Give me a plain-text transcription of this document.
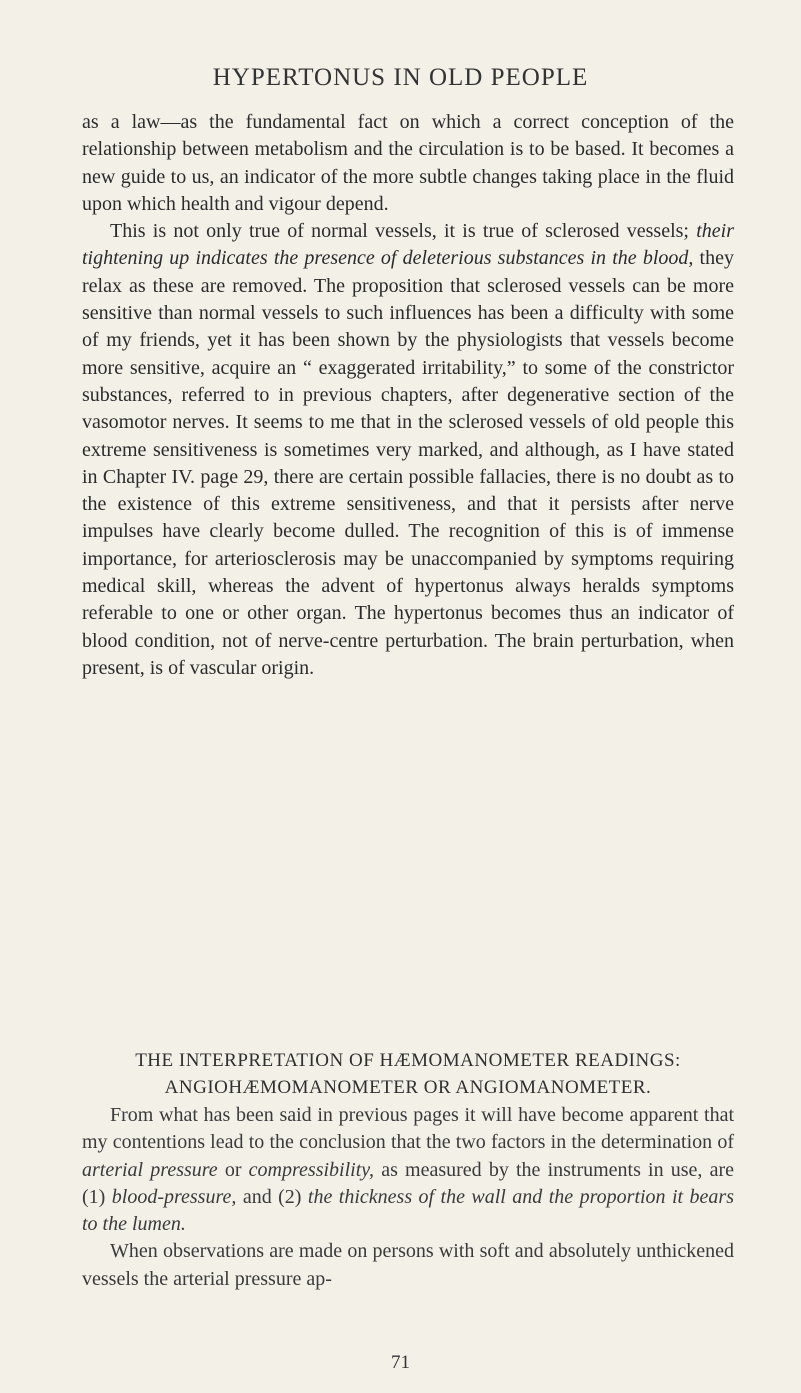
HYPERTONUS IN OLD PEOPLE

as a law—as the fundamental fact on which a correct conception of the relationship between metabolism and the circulation is to be based. It becomes a new guide to us, an indicator of the more subtle changes taking place in the fluid upon which health and vigour depend.

This is not only true of normal vessels, it is true of sclerosed vessels; their tightening up indicates the presence of deleterious substances in the blood, they relax as these are removed. The proposition that sclerosed vessels can be more sensitive than normal vessels to such influences has been a difficulty with some of my friends, yet it has been shown by the physiologists that vessels become more sensitive, acquire an “ exaggerated irritability,” to some of the constrictor substances, referred to in previous chapters, after degenerative section of the vasomotor nerves. It seems to me that in the sclerosed vessels of old people this extreme sensitiveness is sometimes very marked, and although, as I have stated in Chapter IV. page 29, there are certain possible fallacies, there is no doubt as to the existence of this extreme sensitiveness, and that it persists after nerve impulses have clearly become dulled. The recognition of this is of immense importance, for arteriosclerosis may be unaccompanied by symptoms requiring medical skill, whereas the advent of hypertonus always heralds symptoms referable to one or other organ. The hypertonus becomes thus an indicator of blood condition, not of nerve-centre perturbation. The brain perturbation, when present, is of vascular origin.

THE INTERPRETATION OF HÆMOMANOMETER READINGS:
ANGIOHÆMOMANOMETER OR ANGIOMANOMETER.

From what has been said in previous pages it will have become apparent that my contentions lead to the conclusion that the two factors in the determination of arterial pressure or compressibility, as measured by the instruments in use, are (1) blood-pressure, and (2) the thickness of the wall and the proportion it bears to the lumen.

When observations are made on persons with soft and absolutely unthickened vessels the arterial pressure ap-

71
